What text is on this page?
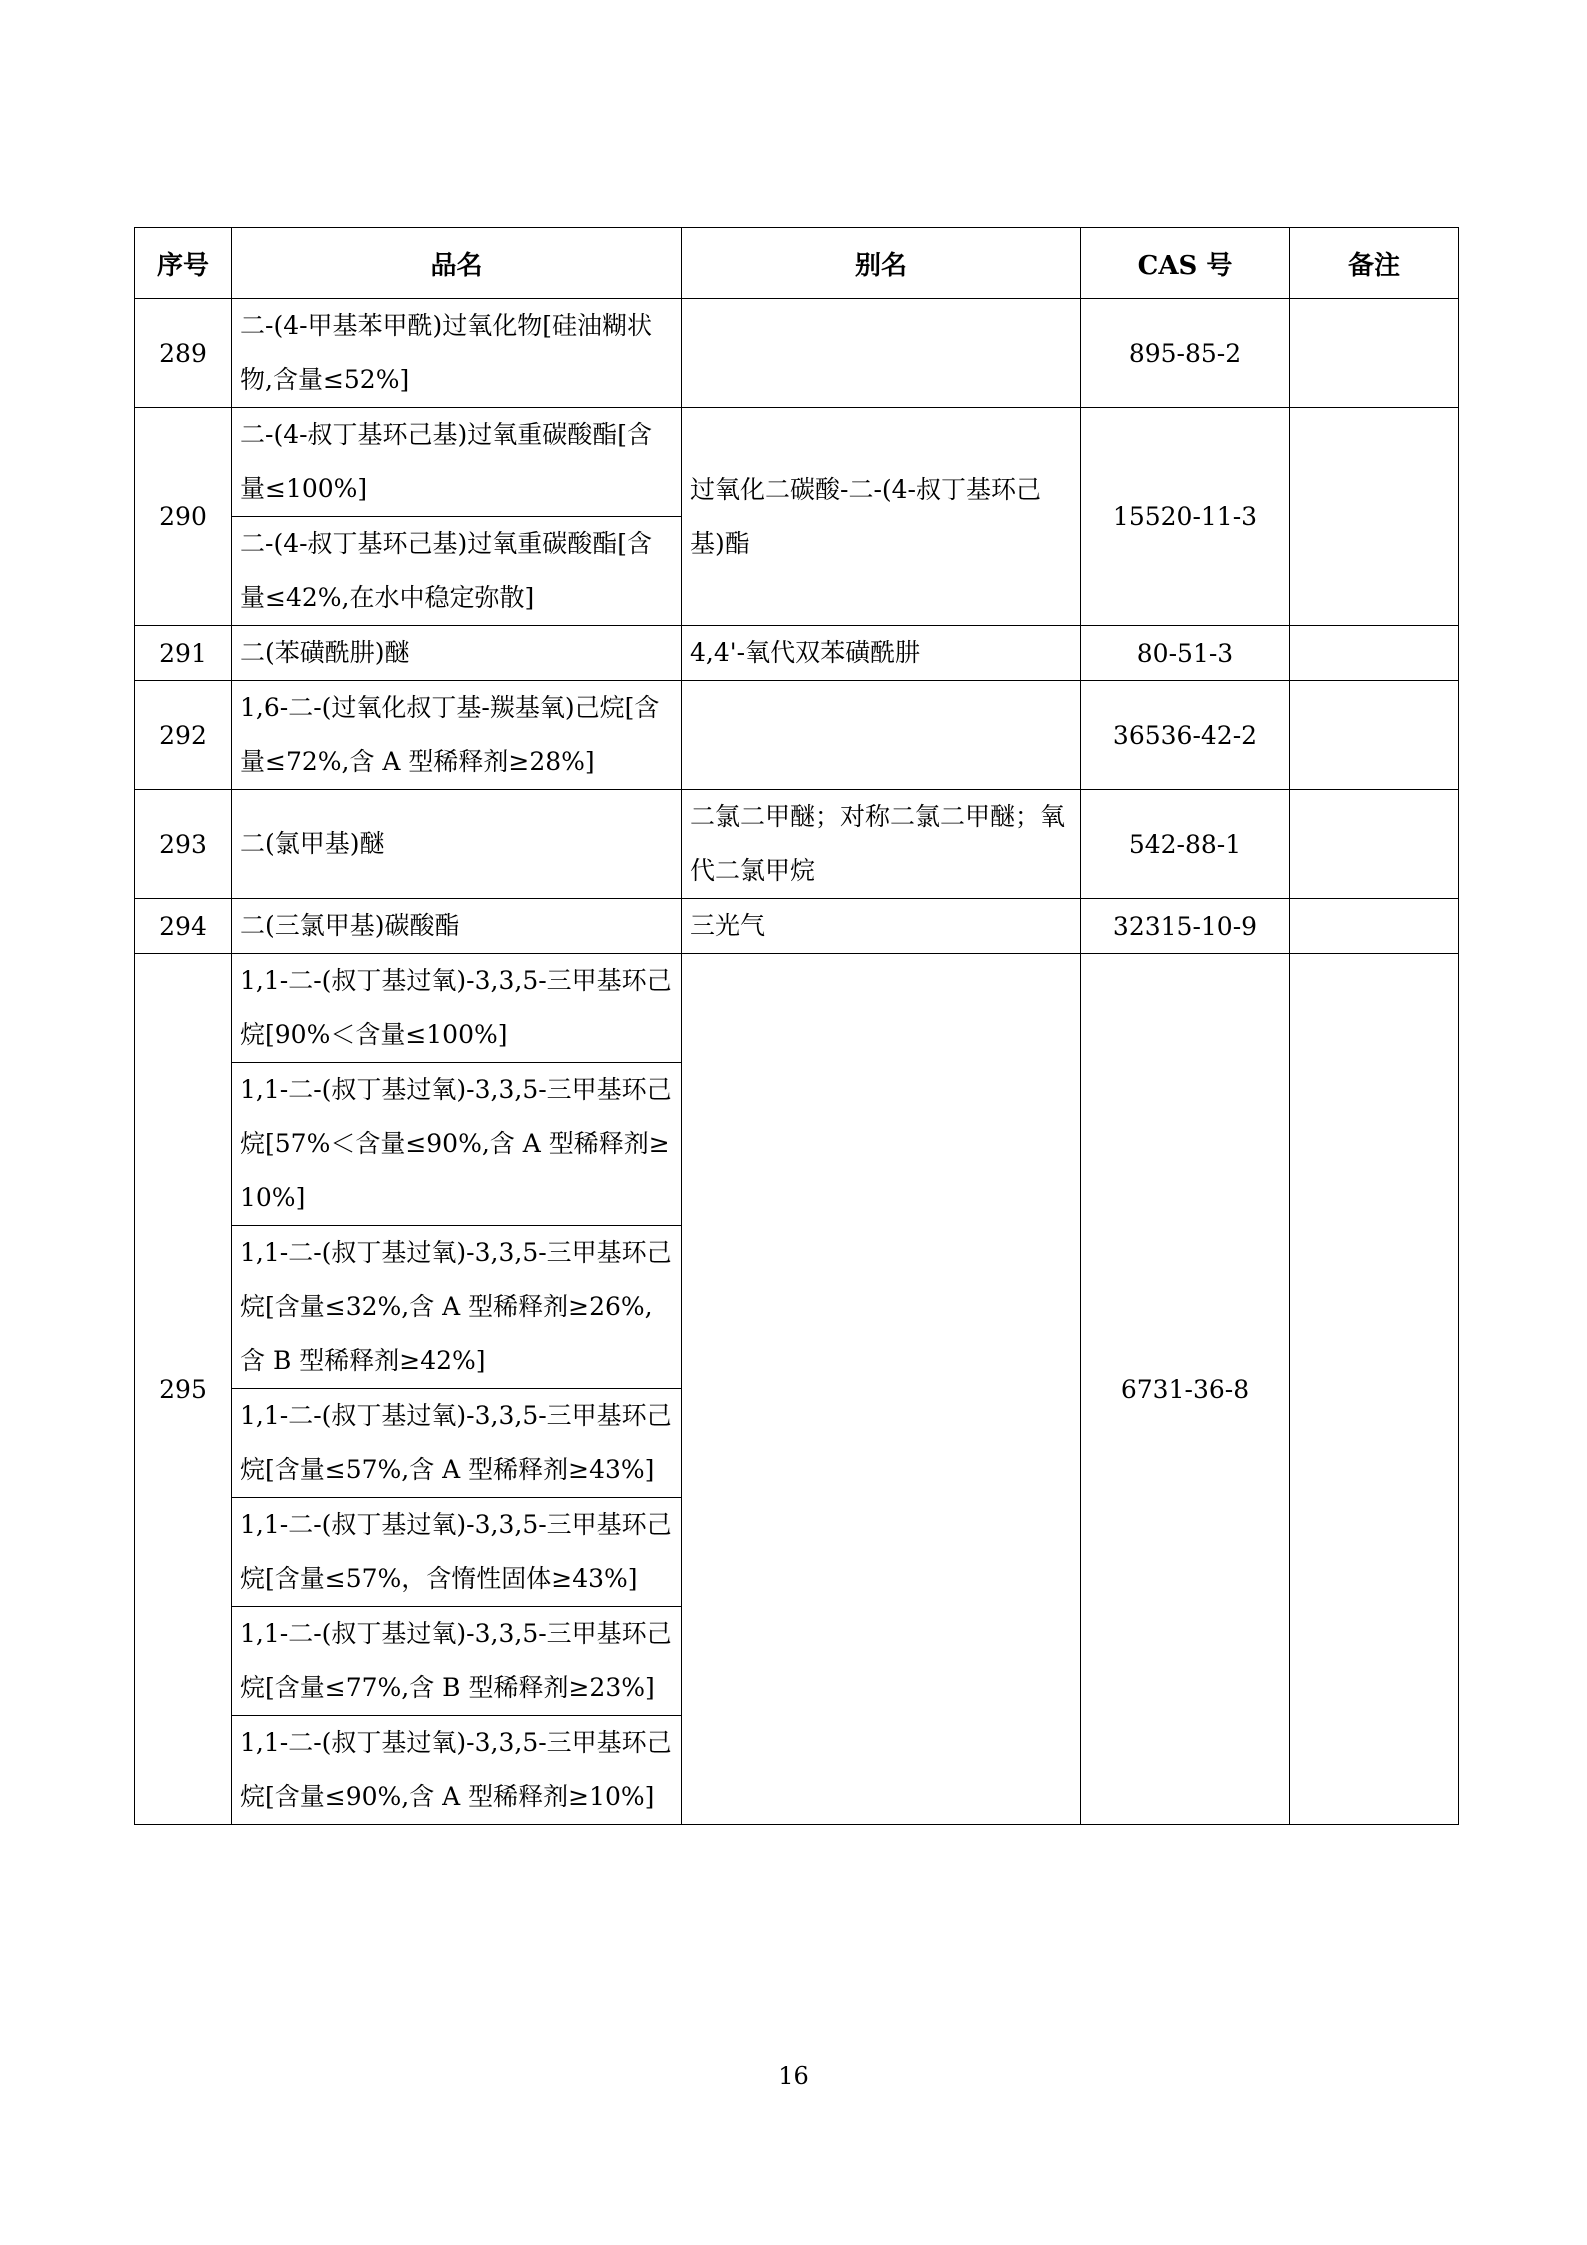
序号	品名	别名	CAS 号	备注
289	二-(4-甲基苯甲酰)过氧化物[硅油糊状物,含量≤52%]		895-85-2	
290	二-(4-叔丁基环己基)过氧重碳酸酯[含量≤100%]	过氧化二碳酸-二-(4-叔丁基环己基)酯	15520-11-3	
	二-(4-叔丁基环己基)过氧重碳酸酯[含量≤42%,在水中稳定弥散]			
291	二(苯磺酰肼)醚	4,4'-氧代双苯磺酰肼	80-51-3	
292	1,6-二-(过氧化叔丁基-羰基氧)己烷[含量≤72%,含 A 型稀释剂≥28%]		36536-42-2	
293	二(氯甲基)醚	二氯二甲醚；对称二氯二甲醚；氧代二氯甲烷	542-88-1	
294	二(三氯甲基)碳酸酯	三光气	32315-10-9	
295	1,1-二-(叔丁基过氧)-3,3,5-三甲基环己烷[90%＜含量≤100%]		6731-36-8	
	1,1-二-(叔丁基过氧)-3,3,5-三甲基环己烷[57%＜含量≤90%,含 A 型稀释剂≥10%]			
	1,1-二-(叔丁基过氧)-3,3,5-三甲基环己烷[含量≤32%,含 A 型稀释剂≥26%,含 B 型稀释剂≥42%]			
	1,1-二-(叔丁基过氧)-3,3,5-三甲基环己烷[含量≤57%,含 A 型稀释剂≥43%]			
	1,1-二-(叔丁基过氧)-3,3,5-三甲基环己烷[含量≤57%，含惰性固体≥43%]			
	1,1-二-(叔丁基过氧)-3,3,5-三甲基环己烷[含量≤77%,含 B 型稀释剂≥23%]			
	1,1-二-(叔丁基过氧)-3,3,5-三甲基环己烷[含量≤90%,含 A 型稀释剂≥10%]			
16
